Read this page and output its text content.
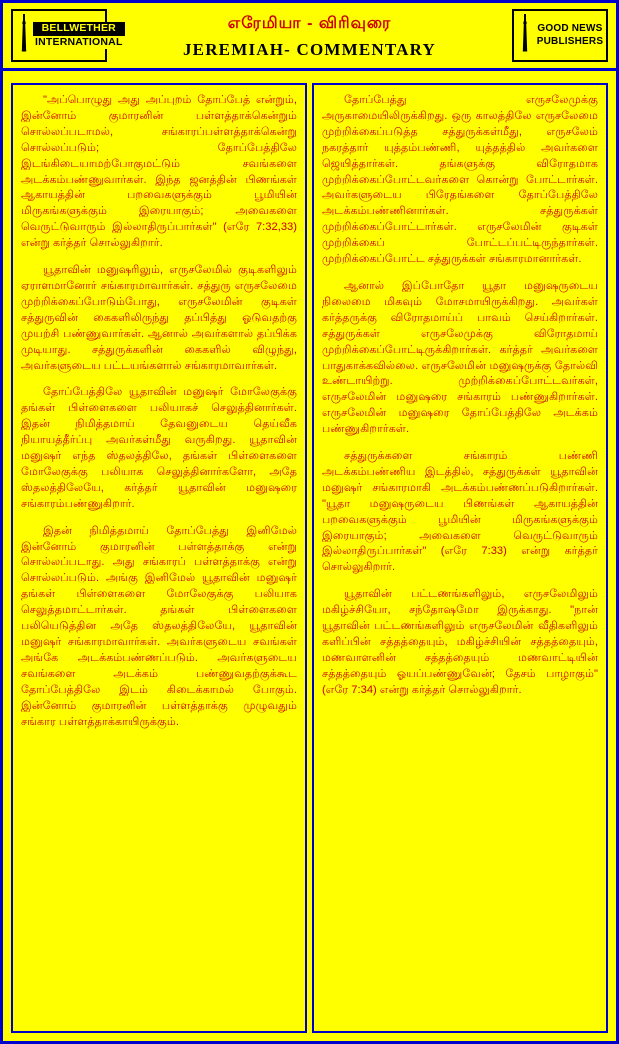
BELLWETHER
INTERNATIONAL
எரேமியா - விரிவுரை
JEREMIAH- COMMENTARY
GOOD NEWS
PUBLISHERS

"அப்பொழுது அது அப்புறம் தோப்பேத் என்றும், இன்னோம் குமாரனின் பள்ளத்தாக்கென்றும் சொல்லப்படாமல், சங்காரப்பள்ளத்தாக்கென்று சொல்லப்படும்; தோப்பேத்திலே இடங்கிடையாமற்போகுமட்டும் சவங்களை அடக்கம்பண்ணுவார்கள். இந்த ஜனத்தின் பிணங்கள் ஆகாயத்தின் பறவைகளுக்கும் பூமியின் மிருகங்களுக்கும் இரையாகும்; அவைகளை வெருட்டுவாரும் இல்லாதிருப்பார்கள்" (எரே 7:32,33) என்று கர்த்தர் சொல்லுகிறார்.

யூதாவின் மனுஷரிலும், எருசலேமில் குடிகளிலும் ஏராளமானோர் சங்காரமாவார்கள். சத்துரு எருசலேமை முற்றிக்கைப்போடும்போது, எருசலேமின் குடிகள் சத்துருவின் கைகளிலிருந்து தப்பித்து ஓடுவதற்கு முயற்சி பண்ணுவார்கள். ஆனால் அவர்களால் தப்பிக்க முடியாது. சத்துருக்களின் கைகளில் விழுந்து, அவர்களுடைய பட்டயங்களால் சங்காரமாவார்கள்.

தோப்பேத்திலே யூதாவின் மனுஷர் மோலேகுக்கு தங்கள் பிள்ளைகளை பலியாகச் செலுத்தினார்கள். இதன் நிமித்தமாய் தேவனுடைய தெய்வீக நியாயத்தீர்ப்பு அவர்கள்மீது வருகிறது. யூதாவின் மனுஷர் எந்த ஸ்தலத்திலே, தங்கள் பிள்ளைகளை மோலேகுக்கு பலியாக செலுத்தினார்களோ, அதே ஸ்தலத்திலேயே, கர்த்தர் யூதாவின் மனுஷரை சங்காரம்பண்ணுகிறார்.

இதன் நிமித்தமாய் தோப்பேத்து இனிமேல் இன்னோம் குமாரனின் பள்ளத்தாக்கு என்று சொல்லப்படாது. அது சங்காரப் பள்ளத்தாக்கு என்று சொல்லப்படும். அங்கு இனிமேல் யூதாவின் மனுஷர் தங்கள் பிள்ளைகளை மோலேகுக்கு பலியாக செலுத்தமாட்டார்கள். தங்கள் பிள்ளைகளை பலியெடுத்தின அதே ஸ்தலத்திலேயே, யூதாவின் மனுஷர் சங்காரமாவார்கள். அவர்களுடைய சவங்கள் அங்கே அடக்கம்பண்ணப்படும். அவர்களுடைய சவங்களை அடக்கம் பண்ணுவதற்குக்கூட தோப்பேத்திலே இடம் கிடைக்காமல் போகும். இன்னோம் குமாரனின் பள்ளத்தாக்கு முழுவதும் சங்கார பள்ளத்தாக்காயிருக்கும்.

தோப்பேத்து எருசலேமுக்கு அருகாமையிலிருக்கிறது. ஒரு காலத்திலே எருசலேமை முற்றிக்கைப்படுத்த சத்துருக்கள்மீது, எருசலேம் நகரத்தார் யுத்தம்பண்ணி, யுத்தத்தில் அவர்களை ஜெயித்தார்கள். தங்களுக்கு விரோதமாக முற்றிக்கைப்போட்டவர்களை கொன்று போட்டார்கள். அவர்களுடைய பிரேதங்களை தோப்பேத்திலே அடக்கம்பண்ணினார்கள். சத்துருக்கள் முற்றிக்கைப்போட்டார்கள். எருசலேமின் குடிகள் முற்றிக்கைப் போட்டப்பட்டிருந்தார்கள். முற்றிக்கைப்போட்ட சத்துருக்கள் சங்காரமானார்கள்.

ஆனால் இப்போதோ யூதா மனுஷருடைய நிலைமை மிகவும் மோசமாயிருக்கிறது. அவர்கள் கர்த்தருக்கு விரோதமாய்ப் பாவம் செய்கிறார்கள். சத்துருக்கள் எருசலேமுக்கு விரோதமாய் முற்றிக்கைப்போட்டிருக்கிறார்கள். கர்த்தர் அவர்களை பாதுகாக்கவில்லை. எருசலேமின் மனுஷருக்கு தோல்வி உண்டாயிற்று. முற்றிக்கைப்போட்டவர்கள், எருசலேமின் மனுஷரை சங்காரம் பண்ணுகிறார்கள். எருசலேமின் மனுஷரை தோப்பேத்திலே அடக்கம் பண்ணுகிறார்கள்.

சத்துருக்களை சங்காரம் பண்ணி அடக்கம்பண்ணிய இடத்தில், சத்துருக்கள் யூதாவின் மனுஷர் சங்காரமாகி அடக்கம்பண்ணப்படுகிறார்கள். "யூதா மனுஷருடைய பிணங்கள் ஆகாயத்தின் பறவைகளுக்கும் பூமியின் மிருகங்களுக்கும் இரையாகும்; அவைகளை வெருட்டுவாரும் இல்லாதிருப்பார்கள்" (எரே 7:33) என்று கர்த்தர் சொல்லுகிறார்.

யூதாவின் பட்டணங்களிலும், எருசலேமிலும் மகிழ்ச்சியோ, சந்தோஷமோ இருக்காது. "நான் யூதாவின் பட்டணங்களிலும் எருசலேமின் வீதிகளிலும் களிப்பின் சத்தத்தையும், மகிழ்ச்சியின் சத்தத்தையும், மணவாளனின் சத்தத்தையும் மணவாட்டியின் சத்தத்தையும் ஓயப்பண்ணுவேன்; தேசம் பாழாகும்" (எரே 7:34) என்று கர்த்தர் சொல்லுகிறார்.
